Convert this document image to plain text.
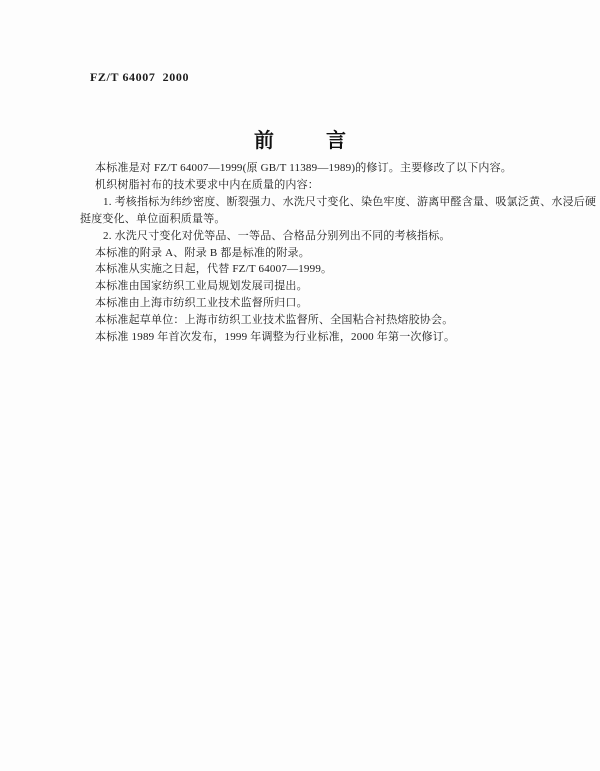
FZ/T 64007  2000
前	言
本标准是对 FZ/T 64007—1999(原 GB/T 11389—1989)的修订。主要修改了以下内容。
机织树脂衬布的技术要求中内在质量的内容：
1. 考核指标为纬纱密度、断裂强力、水洗尺寸变化、染色牢度、游离甲醛含量、吸氯泛黄、水浸后硬
挺度变化、单位面积质量等。
2. 水洗尺寸变化对优等品、一等品、合格品分别列出不同的考核指标。
本标准的附录 A、附录 B 都是标准的附录。
本标准从实施之日起，代替 FZ/T 64007—1999。
本标准由国家纺织工业局规划发展司提出。
本标准由上海市纺织工业技术监督所归口。
本标准起草单位：上海市纺织工业技术监督所、全国粘合衬热熔胶协会。
本标准 1989 年首次发布，1999 年调整为行业标准，2000 年第一次修订。
